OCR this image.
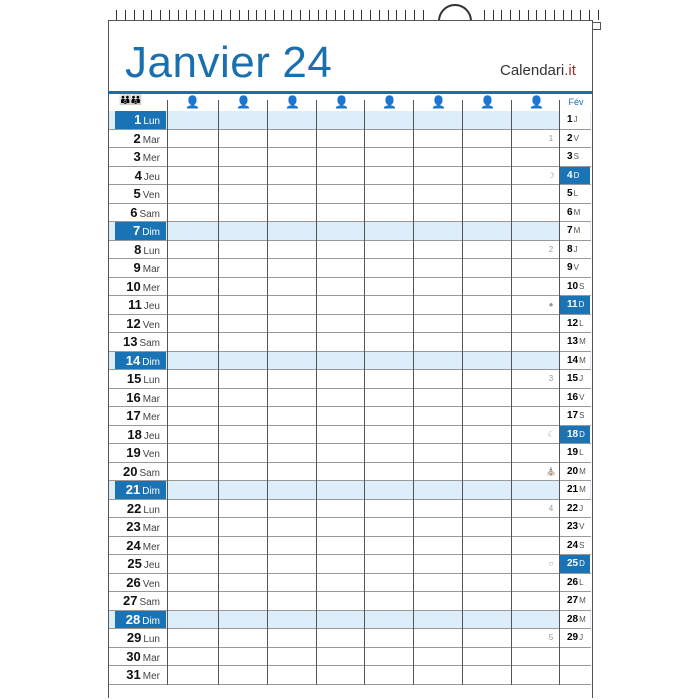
Janvier 24	Calendari.it
👪👪	Fév
👤	👤	👤	👤	👤	👤	👤	👤
1 Lun	1J
2 Mar	1	2V
3 Mer	3S
4 Jeu	☽	4D
5 Ven	5L
6 Sam	6M
7 Dim	7M
8 Lun	2	8J
9 Mar	9V
10 Mer	10S
11 Jeu	●	11D
12 Ven	12L
13 Sam	13M
14 Dim	14M
15 Lun	3	15J
16 Mar	16V
17 Mer	17S
18 Jeu	☾	18D
19 Ven	19L
20 Sam	⛪	20M
21 Dim	21M
22 Lun	4	22J
23 Mar	23V
24 Mer	24S
25 Jeu	○	25D
26 Ven	26L
27 Sam	27M
28 Dim	28M
29 Lun	5	29J
30 Mar
31 Mer
